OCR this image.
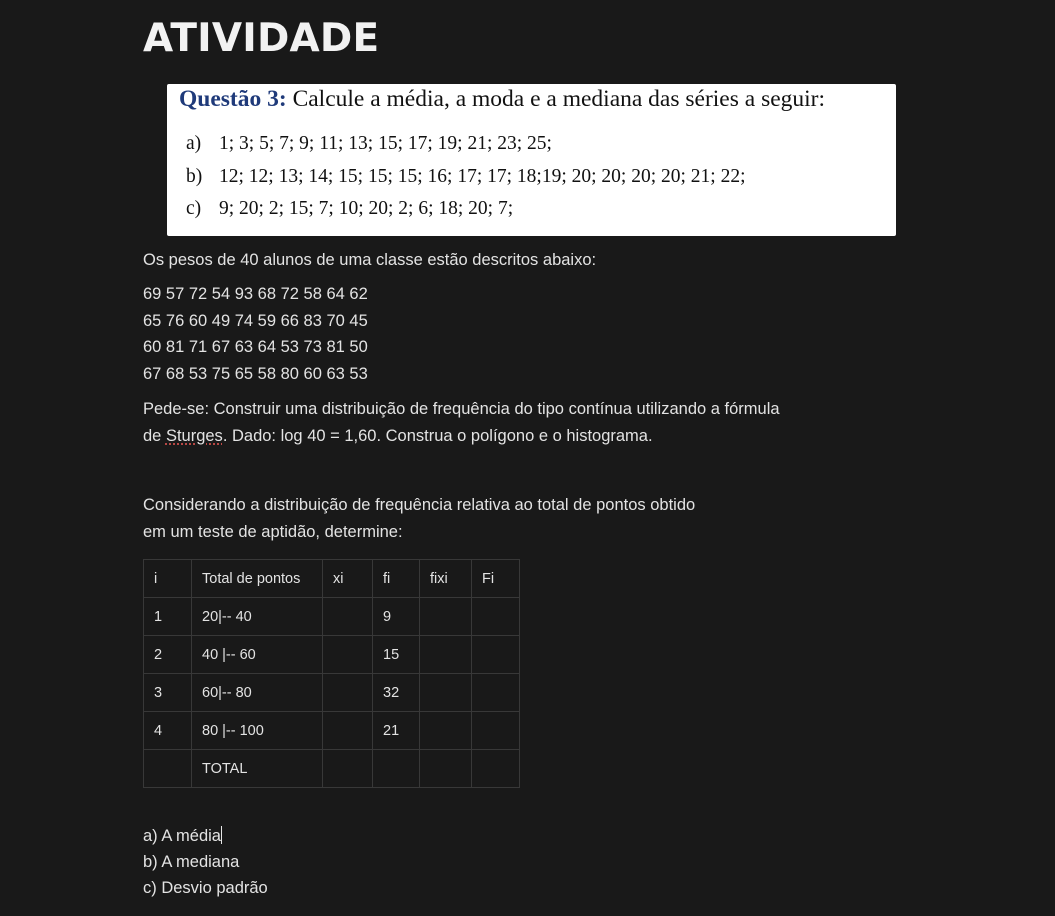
ATIVIDADE
Questão 3: Calcule a média, a moda e a mediana das séries a seguir:
a) 1; 3; 5; 7; 9; 11; 13; 15; 17; 19; 21; 23; 25;
b) 12; 12; 13; 14; 15; 15; 15; 16; 17; 17; 18;19; 20; 20; 20; 20; 21; 22;
c) 9; 20; 2; 15; 7; 10; 20; 2; 6; 18; 20; 7;
Os pesos de 40 alunos de uma classe estão descritos abaixo:
69 57 72 54 93 68 72 58 64 62
65 76 60 49 74 59 66 83 70 45
60 81 71 67 63 64 53 73 81 50
67 68 53 75 65 58 80 60 63 53
Pede-se: Construir uma distribuição de frequência do tipo contínua utilizando a fórmula
de Sturges. Dado: log 40 = 1,60. Construa o polígono e o histograma.
Considerando a distribuição de frequência relativa ao total de pontos obtido
em um teste de aptidão, determine:
i	Total de pontos	xi	fi	fixi	Fi
1	20|-- 40		9		
2	40 |-- 60		15		
3	60|-- 80		32		
4	80 |-- 100		21		
	TOTAL				
a) A média
b) A mediana
c) Desvio padrão
